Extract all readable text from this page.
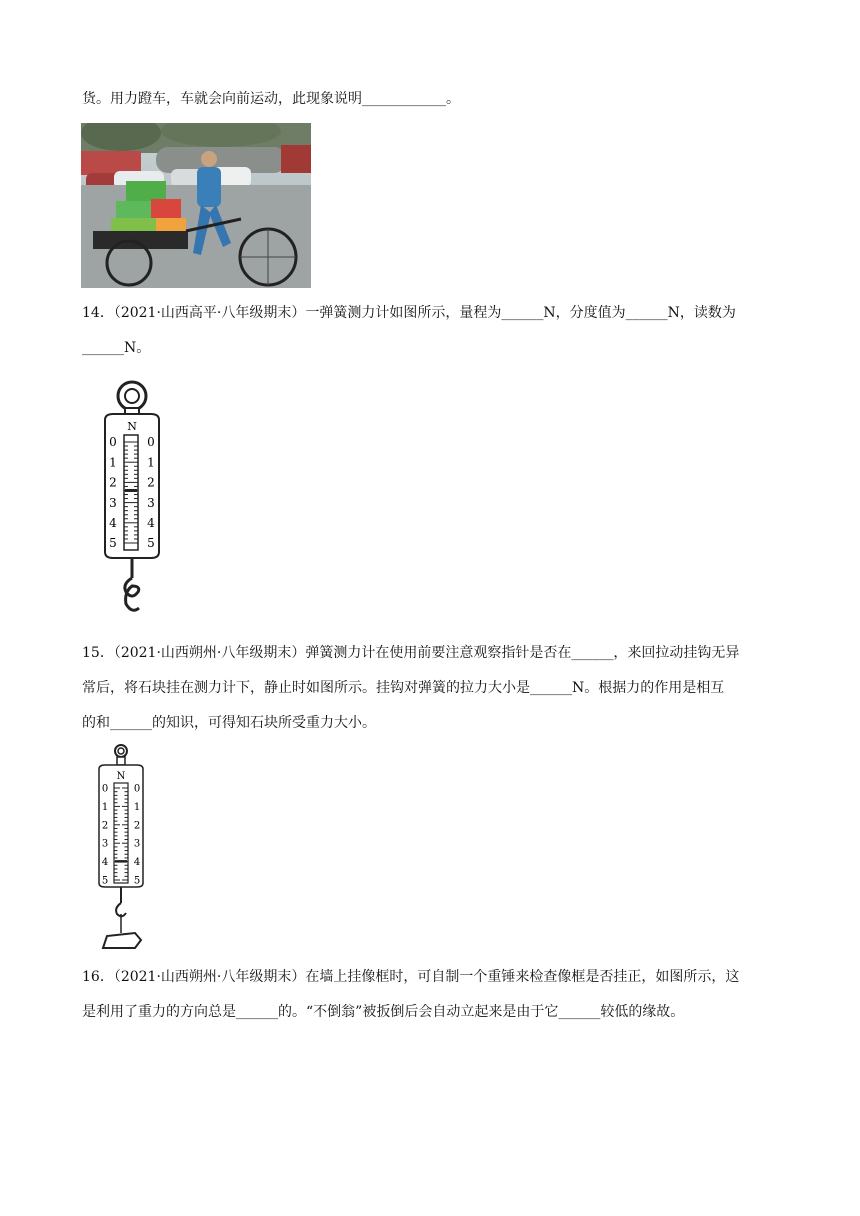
货。用力蹬车，车就会向前运动，此现象说明____________。
14．（2021·山西高平·八年级期末）一弹簧测力计如图所示，量程为______N，分度值为______N，读数为
______N。
N
0	0
1	1
2	2
3	3
4	4
5	5
15．（2021·山西朔州·八年级期末）弹簧测力计在使用前要注意观察指针是否在______，来回拉动挂钩无异
常后，将石块挂在测力计下，静止时如图所示。挂钩对弹簧的拉力大小是______N。根据力的作用是相互
的和______的知识，可得知石块所受重力大小。
N
0	0
1	1
2	2
3	3
4	4
5	5
16．（2021·山西朔州·八年级期末）在墙上挂像框时，可自制一个重锤来检查像框是否挂正，如图所示，这
是利用了重力的方向总是______的。“不倒翁”被扳倒后会自动立起来是由于它______较低的缘故。
